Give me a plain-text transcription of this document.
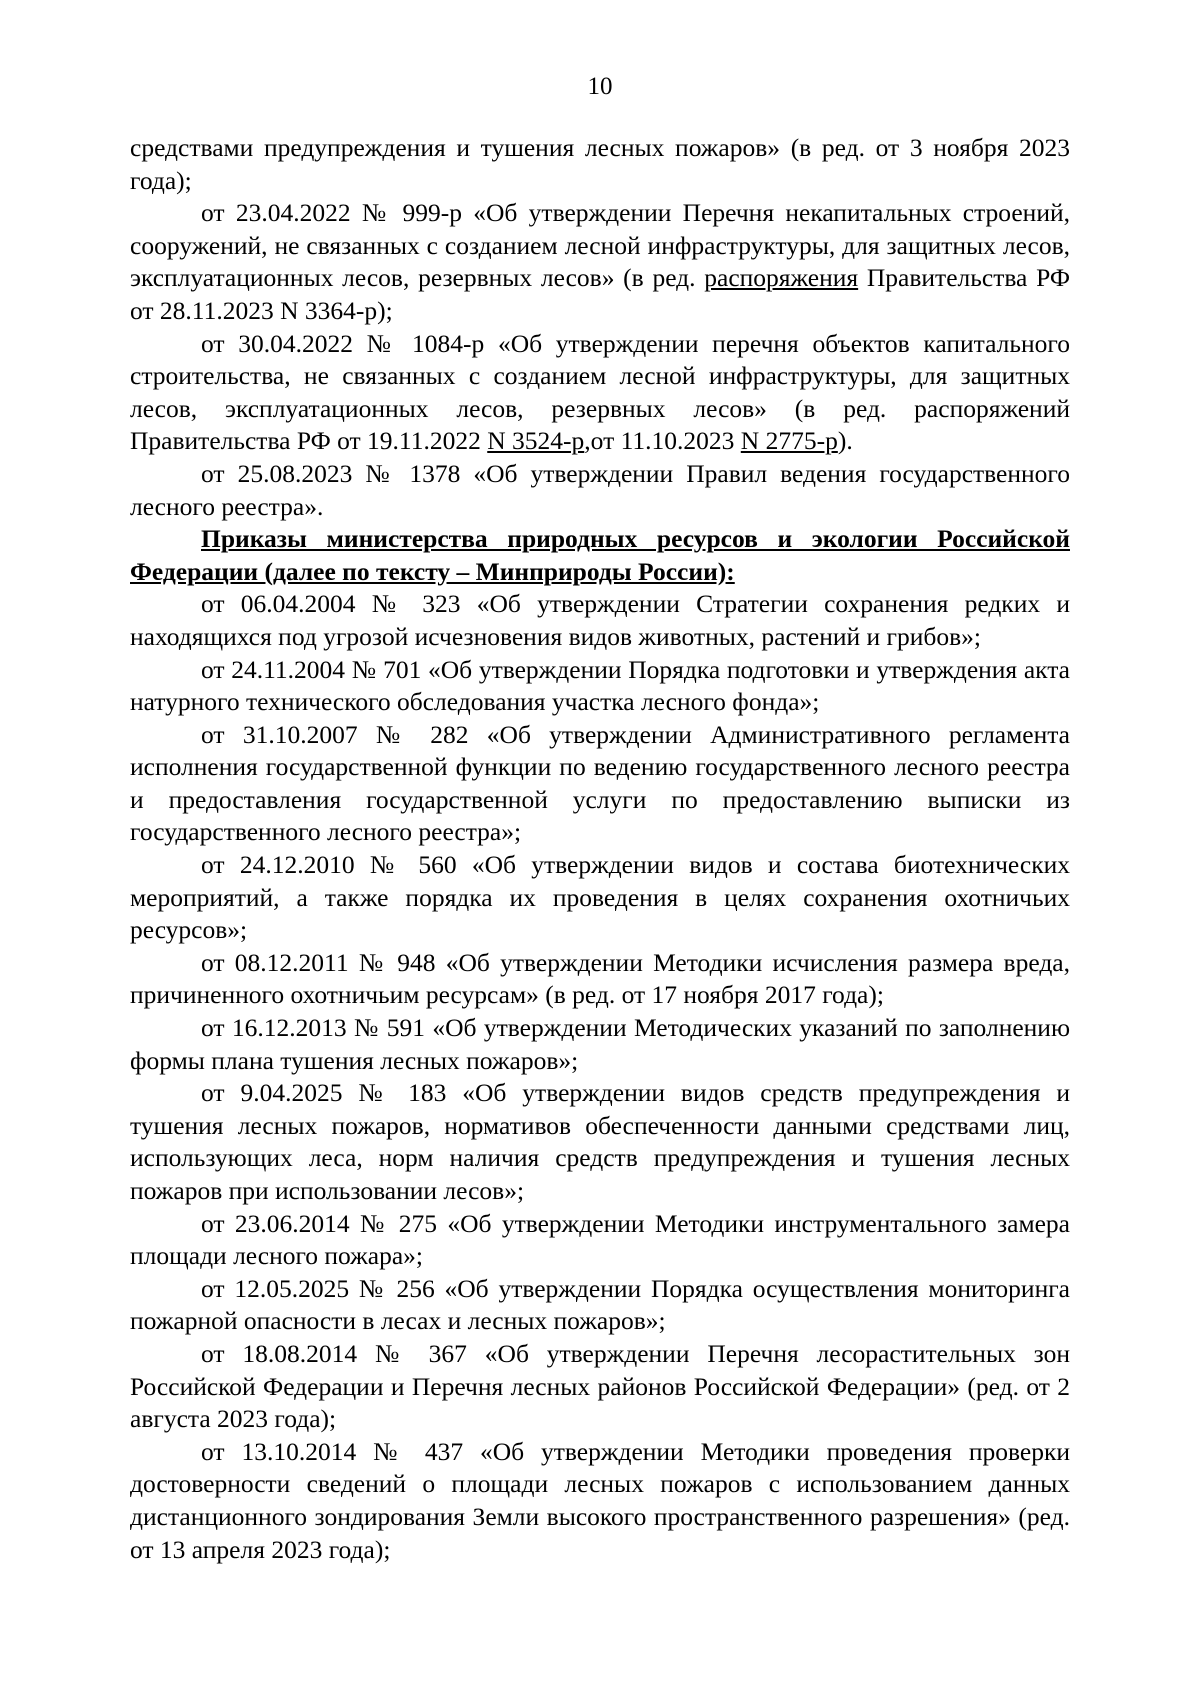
10

средствами предупреждения и тушения лесных пожаров» (в ред. от 3 ноября 2023 года);

от 23.04.2022 № 999-р «Об утверждении Перечня некапитальных строений, сооружений, не связанных с созданием лесной инфраструктуры, для защитных лесов, эксплуатационных лесов, резервных лесов» (в ред. распоряжения Правительства РФ от 28.11.2023 N 3364-р);

от 30.04.2022 № 1084-р «Об утверждении перечня объектов капитального строительства, не связанных с созданием лесной инфраструктуры, для защитных лесов, эксплуатационных лесов, резервных лесов» (в ред. распоряжений Правительства РФ от 19.11.2022 N 3524-р,от 11.10.2023 N 2775-р).

от 25.08.2023 № 1378 «Об утверждении Правил ведения государственного лесного реестра».

Приказы министерства природных ресурсов и экологии Российской Федерации (далее по тексту – Минприроды России):

от 06.04.2004 № 323 «Об утверждении Стратегии сохранения редких и находящихся под угрозой исчезновения видов животных, растений и грибов»;

от 24.11.2004 № 701 «Об утверждении Порядка подготовки и утверждения акта натурного технического обследования участка лесного фонда»;

от 31.10.2007 № 282 «Об утверждении Административного регламента исполнения государственной функции по ведению государственного лесного реестра и предоставления государственной услуги по предоставлению выписки из государственного лесного реестра»;

от 24.12.2010 № 560 «Об утверждении видов и состава биотехнических мероприятий, а также порядка их проведения в целях сохранения охотничьих ресурсов»;

от 08.12.2011 № 948 «Об утверждении Методики исчисления размера вреда, причиненного охотничьим ресурсам» (в ред. от 17 ноября 2017 года);

от 16.12.2013 № 591 «Об утверждении Методических указаний по заполнению формы плана тушения лесных пожаров»;

от 9.04.2025 № 183 «Об утверждении видов средств предупреждения и тушения лесных пожаров, нормативов обеспеченности данными средствами лиц, использующих леса, норм наличия средств предупреждения и тушения лесных пожаров при использовании лесов»;

от 23.06.2014 № 275 «Об утверждении Методики инструментального замера площади лесного пожара»;

от 12.05.2025 № 256 «Об утверждении Порядка осуществления мониторинга пожарной опасности в лесах и лесных пожаров»;

от 18.08.2014 № 367 «Об утверждении Перечня лесорастительных зон Российской Федерации и Перечня лесных районов Российской Федерации» (ред. от 2 августа 2023 года);

от 13.10.2014 № 437 «Об утверждении Методики проведения проверки достоверности сведений о площади лесных пожаров с использованием данных дистанционного зондирования Земли высокого пространственного разрешения» (ред. от 13 апреля 2023 года);
